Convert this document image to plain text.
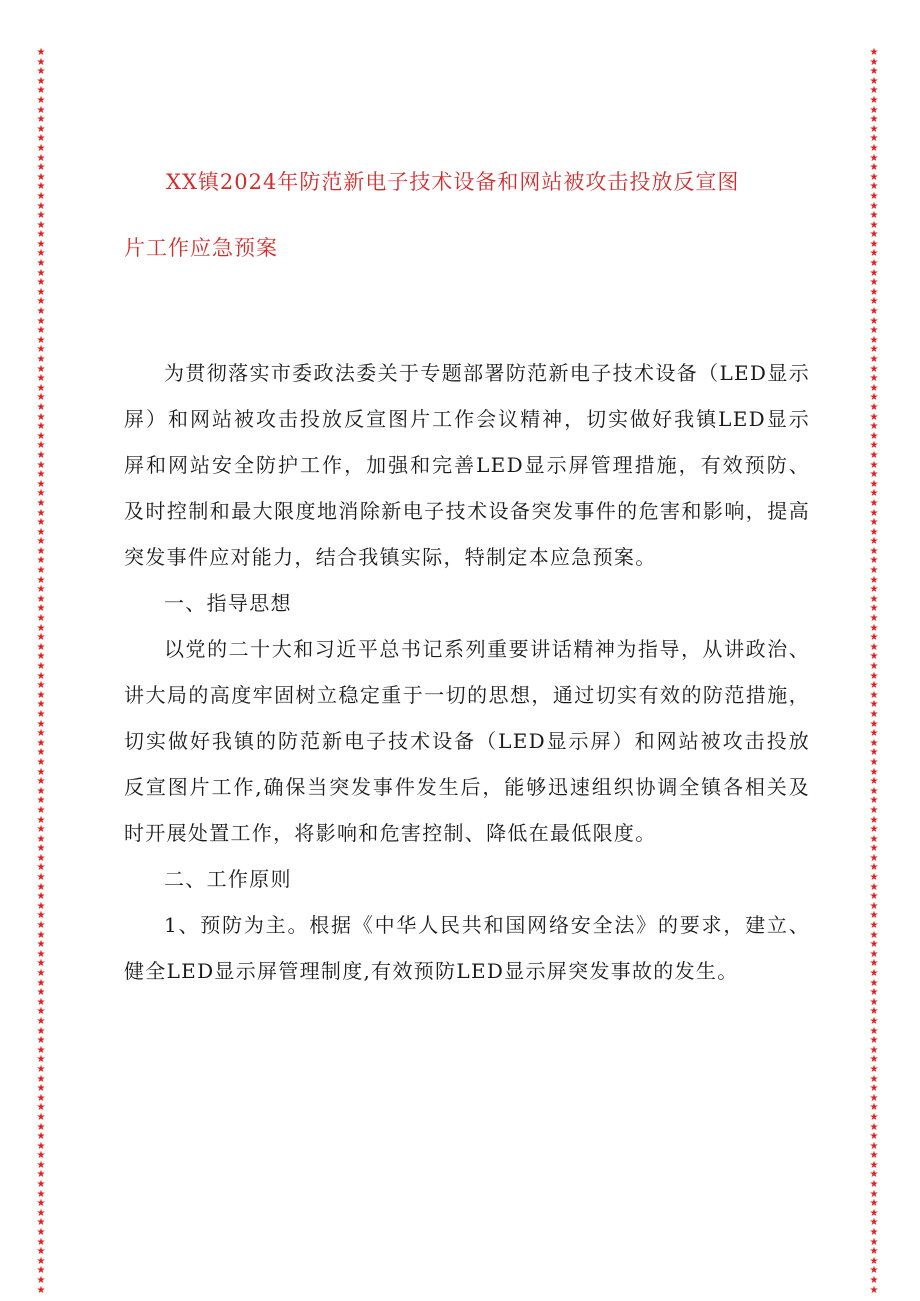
★★★★★★★★★★★★★★★★★★★★★★★★★★★★★★★★★★★★★★★★★★★★★★★★★★★★★★★★★★★★★★★★★★★★★★★★★★★★★★★★★★★★★★★★★★★★★★★★★★★★★★★★★★★★★★★★★★★★★★★★★★★★★★★★★★
★★★★★★★★★★★★★★★★★★★★★★★★★★★★★★★★★★★★★★★★★★★★★★★★★★★★★★★★★★★★★★★★★★★★★★★★★★★★★★★★★★★★★★★★★★★★★★★★★★★★★★★★★★★★★★★★★★★★★★★★★★★★★★★★★★
XX镇2024年防范新电子技术设备和网站被攻击投放反宣图
片工作应急预案

为贯彻落实市委政法委关于专题部署防范新电子技术设备（LED显示屏）和网站被攻击投放反宣图片工作会议精神，切实做好我镇LED显示屏和网站安全防护工作，加强和完善LED显示屏管理措施，有效预防、及时控制和最大限度地消除新电子技术设备突发事件的危害和影响，提高突发事件应对能力，结合我镇实际，特制定本应急预案。

一、指导思想

以党的二十大和习近平总书记系列重要讲话精神为指导，从讲政治、讲大局的高度牢固树立稳定重于一切的思想，通过切实有效的防范措施，切实做好我镇的防范新电子技术设备（LED显示屏）和网站被攻击投放反宣图片工作,确保当突发事件发生后，能够迅速组织协调全镇各相关及时开展处置工作，将影响和危害控制、降低在最低限度。

二、工作原则

1、预防为主。根据《中华人民共和国网络安全法》的要求，建立、健全LED显示屏管理制度,有效预防LED显示屏突发事故的发生。
